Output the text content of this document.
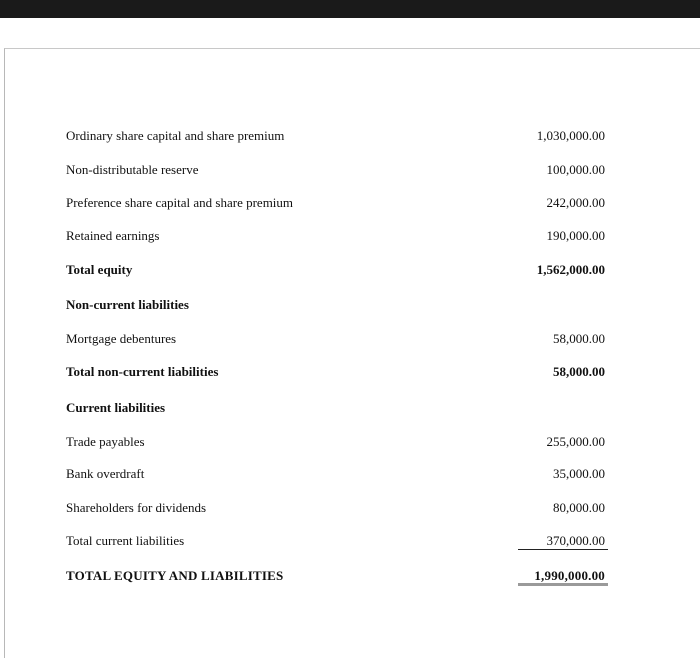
Ordinary share capital and share premium	1,030,000.00
Non-distributable reserve	100,000.00
Preference share capital and share premium	242,000.00
Retained earnings	190,000.00
Total equity	1,562,000.00
Non-current liabilities
Mortgage debentures	58,000.00
Total non-current liabilities	58,000.00
Current liabilities
Trade payables	255,000.00
Bank overdraft	35,000.00
Shareholders for dividends	80,000.00
Total current liabilities	370,000.00
TOTAL EQUITY AND LIABILITIES	1,990,000.00
